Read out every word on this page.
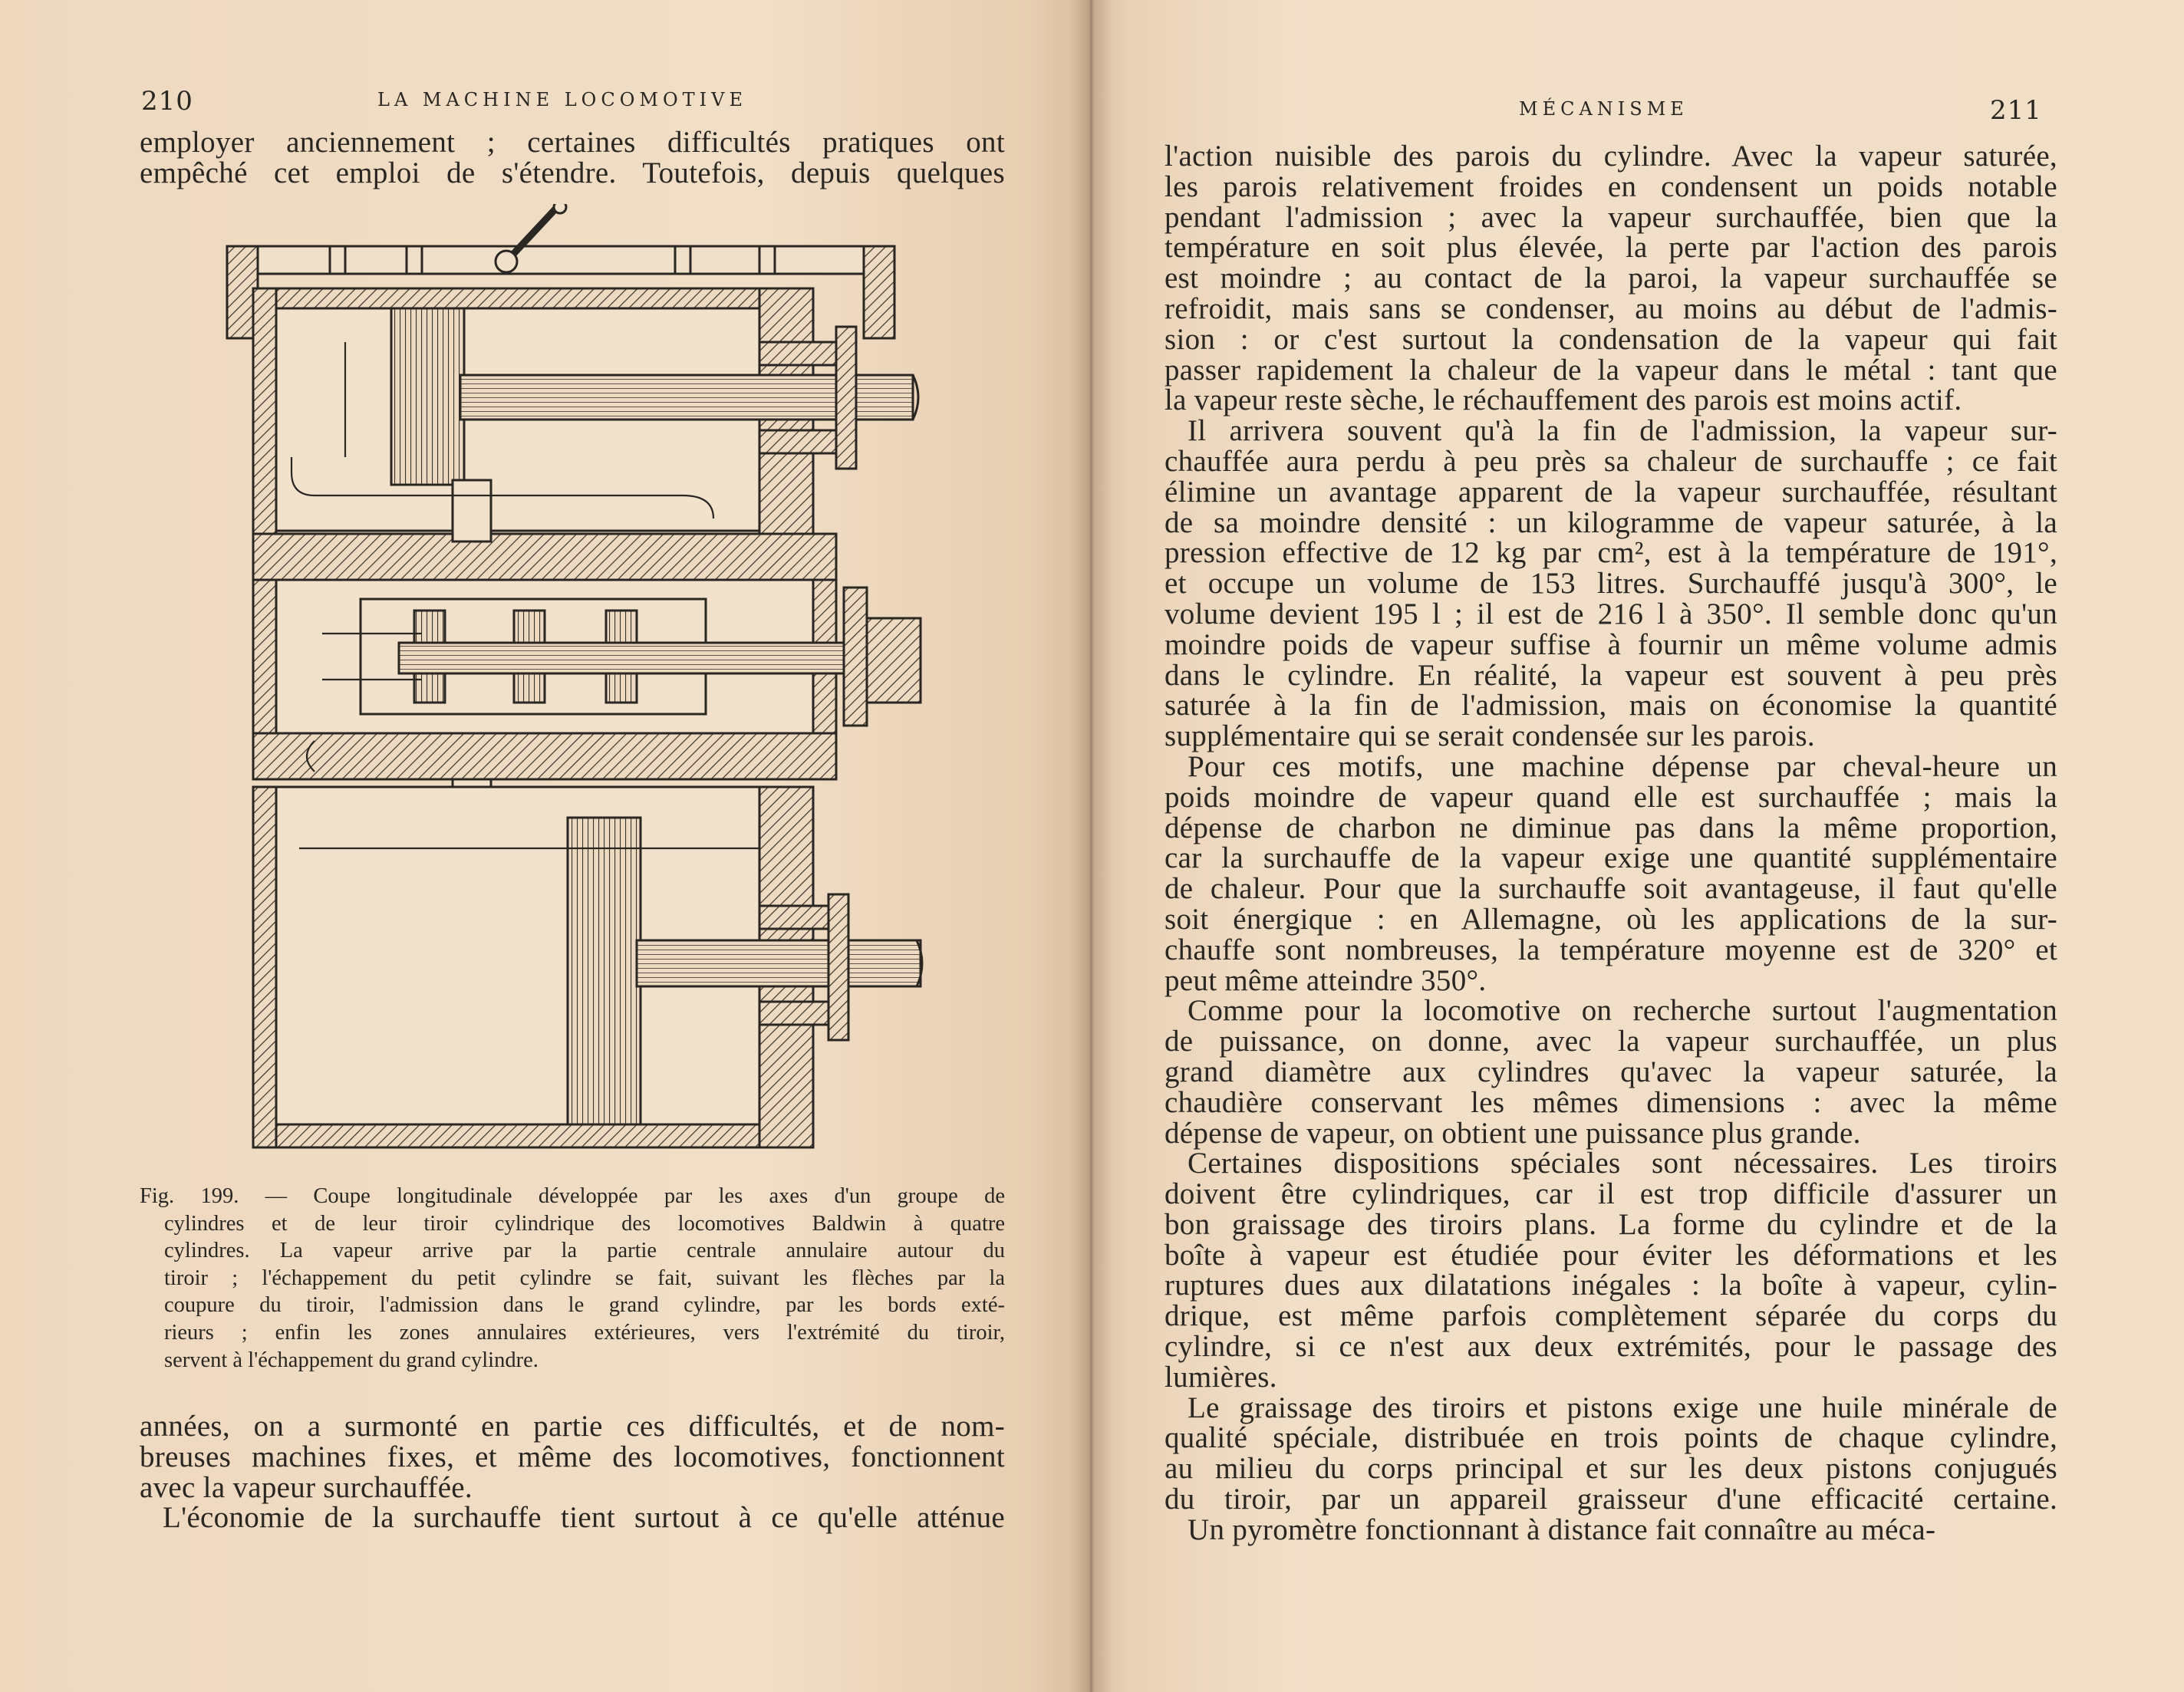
210	LA MACHINE LOCOMOTIVE
employer anciennement ; certaines difficultés pratiques ont
empêché cet emploi de s'étendre. Toutefois, depuis quelques
Fig. 199. — Coupe longitudinale développée par les axes d'un groupe de
cylindres et de leur tiroir cylindrique des locomotives Baldwin à quatre
cylindres. La vapeur arrive par la partie centrale annulaire autour du
tiroir ; l'échappement du petit cylindre se fait, suivant les flèches par la
coupure du tiroir, l'admission dans le grand cylindre, par les bords exté-
rieurs ; enfin les zones annulaires extérieures, vers l'extrémité du tiroir,
servent à l'échappement du grand cylindre.
années, on a surmonté en partie ces difficultés, et de nom-
breuses machines fixes, et même des locomotives, fonctionnent
avec la vapeur surchauffée.
L'économie de la surchauffe tient surtout à ce qu'elle atténue
MÉCANISME	211
l'action nuisible des parois du cylindre. Avec la vapeur saturée,
les parois relativement froides en condensent un poids notable
pendant l'admission ; avec la vapeur surchauffée, bien que la
température en soit plus élevée, la perte par l'action des parois
est moindre ; au contact de la paroi, la vapeur surchauffée se
refroidit, mais sans se condenser, au moins au début de l'admis-
sion : or c'est surtout la condensation de la vapeur qui fait
passer rapidement la chaleur de la vapeur dans le métal : tant que
la vapeur reste sèche, le réchauffement des parois est moins actif.
Il arrivera souvent qu'à la fin de l'admission, la vapeur sur-
chauffée aura perdu à peu près sa chaleur de surchauffe ; ce fait
élimine un avantage apparent de la vapeur surchauffée, résultant
de sa moindre densité : un kilogramme de vapeur saturée, à la
pression effective de 12 kg par cm², est à la température de 191°,
et occupe un volume de 153 litres. Surchauffé jusqu'à 300°, le
volume devient 195 l ; il est de 216 l à 350°. Il semble donc qu'un
moindre poids de vapeur suffise à fournir un même volume admis
dans le cylindre. En réalité, la vapeur est souvent à peu près
saturée à la fin de l'admission, mais on économise la quantité
supplémentaire qui se serait condensée sur les parois.
Pour ces motifs, une machine dépense par cheval-heure un
poids moindre de vapeur quand elle est surchauffée ; mais la
dépense de charbon ne diminue pas dans la même proportion,
car la surchauffe de la vapeur exige une quantité supplémentaire
de chaleur. Pour que la surchauffe soit avantageuse, il faut qu'elle
soit énergique : en Allemagne, où les applications de la sur-
chauffe sont nombreuses, la température moyenne est de 320° et
peut même atteindre 350°.
Comme pour la locomotive on recherche surtout l'augmentation
de puissance, on donne, avec la vapeur surchauffée, un plus
grand diamètre aux cylindres qu'avec la vapeur saturée, la
chaudière conservant les mêmes dimensions : avec la même
dépense de vapeur, on obtient une puissance plus grande.
Certaines dispositions spéciales sont nécessaires. Les tiroirs
doivent être cylindriques, car il est trop difficile d'assurer un
bon graissage des tiroirs plans. La forme du cylindre et de la
boîte à vapeur est étudiée pour éviter les déformations et les
ruptures dues aux dilatations inégales : la boîte à vapeur, cylin-
drique, est même parfois complètement séparée du corps du
cylindre, si ce n'est aux deux extrémités, pour le passage des
lumières.
Le graissage des tiroirs et pistons exige une huile minérale de
qualité spéciale, distribuée en trois points de chaque cylindre,
au milieu du corps principal et sur les deux pistons conjugués
du tiroir, par un appareil graisseur d'une efficacité certaine.
Un pyromètre fonctionnant à distance fait connaître au méca-
